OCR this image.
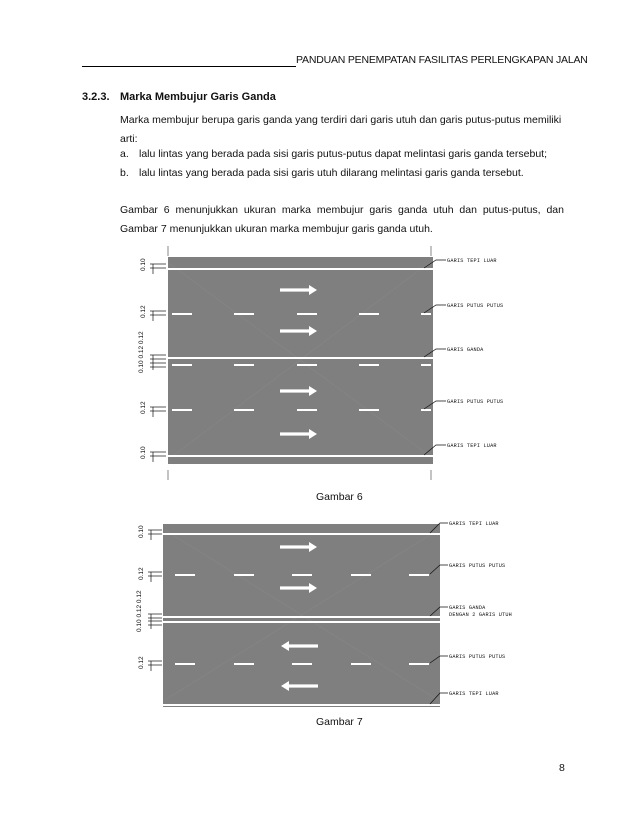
PANDUAN PENEMPATAN FASILITAS PERLENGKAPAN JALAN
3.2.3. Marka Membujur Garis Ganda
Marka membujur berupa garis ganda yang terdiri dari garis utuh dan garis putus-putus memiliki arti:
a. lalu lintas yang berada pada sisi garis putus-putus dapat melintasi garis ganda tersebut;
b. lalu lintas yang berada pada sisi garis utuh dilarang melintasi garis ganda tersebut.
Gambar 6 menunjukkan ukuran marka membujur garis ganda utuh dan putus-putus, dan Gambar 7 menunjukkan ukuran marka membujur garis ganda utuh.
0.10
0.12
0.10 0.12 0.12
0.12
0.10
GARIS TEPI LUAR
GARIS PUTUS PUTUS
GARIS GANDA
GARIS PUTUS PUTUS
GARIS TEPI LUAR
0.10
0.12
0.10 0.12 0.12
0.12
GARIS TEPI LUAR
GARIS PUTUS PUTUS
GARIS GANDA
DENGAN 2 GARIS UTUH
GARIS PUTUS PUTUS
GARIS TEPI LUAR
Gambar 6
Gambar 7
8
